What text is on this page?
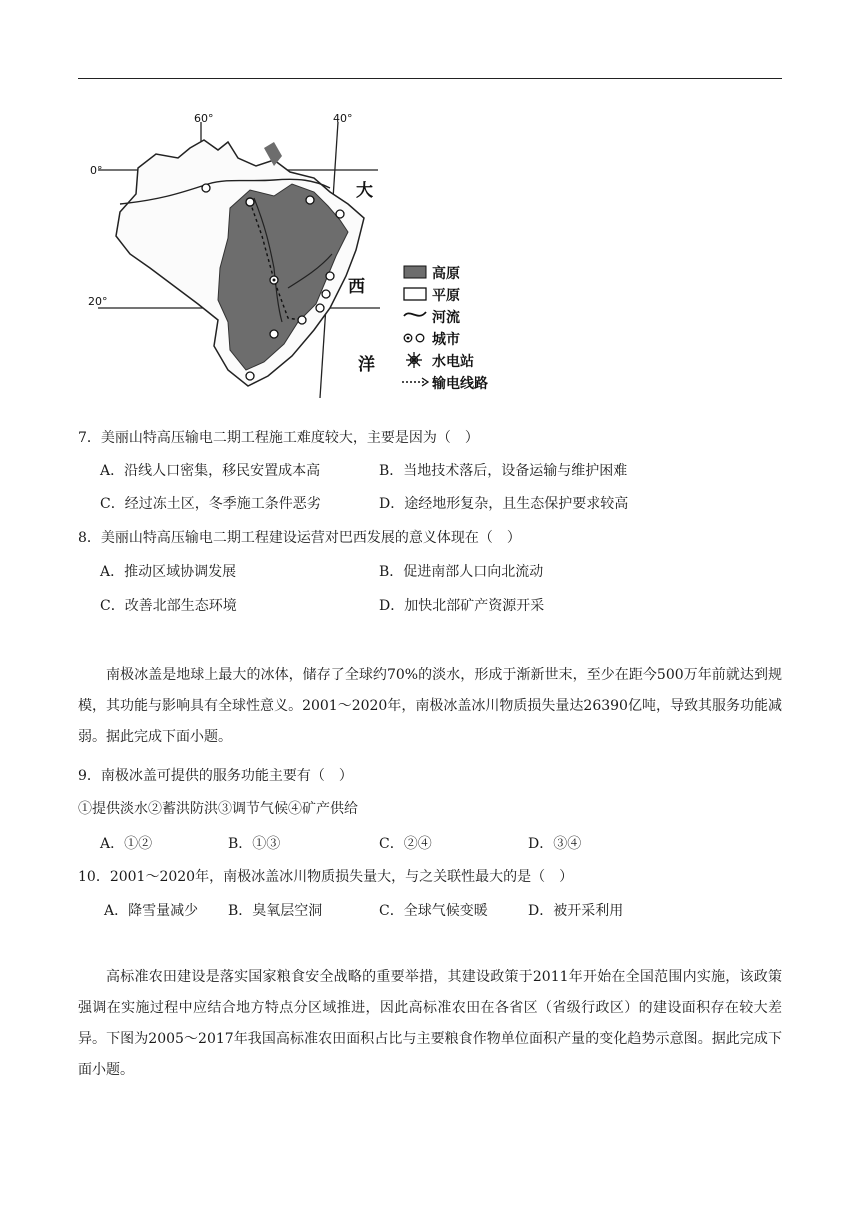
60°	40°
0°
20°
大
西
洋
高原
平原
河流
城市
水电站
输电线路
7．美丽山特高压输电二期工程施工难度较大，主要是因为（　）
A．沿线人口密集，移民安置成本高	B．当地技术落后，设备运输与维护困难
C．经过冻土区，冬季施工条件恶劣	D．途经地形复杂，且生态保护要求较高
8．美丽山特高压输电二期工程建设运营对巴西发展的意义体现在（　）
A．推动区域协调发展	B．促进南部人口向北流动
C．改善北部生态环境	D．加快北部矿产资源开采

南极冰盖是地球上最大的冰体，储存了全球约70%的淡水，形成于渐新世末，至少在距今500万年前就达到规模，其功能与影响具有全球性意义。2001～2020年，南极冰盖冰川物质损失量达26390亿吨，导致其服务功能减弱。据此完成下面小题。

9．南极冰盖可提供的服务功能主要有（　）
①提供淡水②蓄洪防洪③调节气候④矿产供给
A．①②	B．①③	C．②④	D．③④
10．2001～2020年，南极冰盖冰川物质损失量大，与之关联性最大的是（　）
A．降雪量减少 B．臭氧层空洞	C．全球气候变暖	D．被开采利用

高标准农田建设是落实国家粮食安全战略的重要举措，其建设政策于2011年开始在全国范围内实施，该政策强调在实施过程中应结合地方特点分区域推进，因此高标准农田在各省区（省级行政区）的建设面积存在较大差异。下图为2005～2017年我国高标准农田面积占比与主要粮食作物单位面积产量的变化趋势示意图。据此完成下面小题。
